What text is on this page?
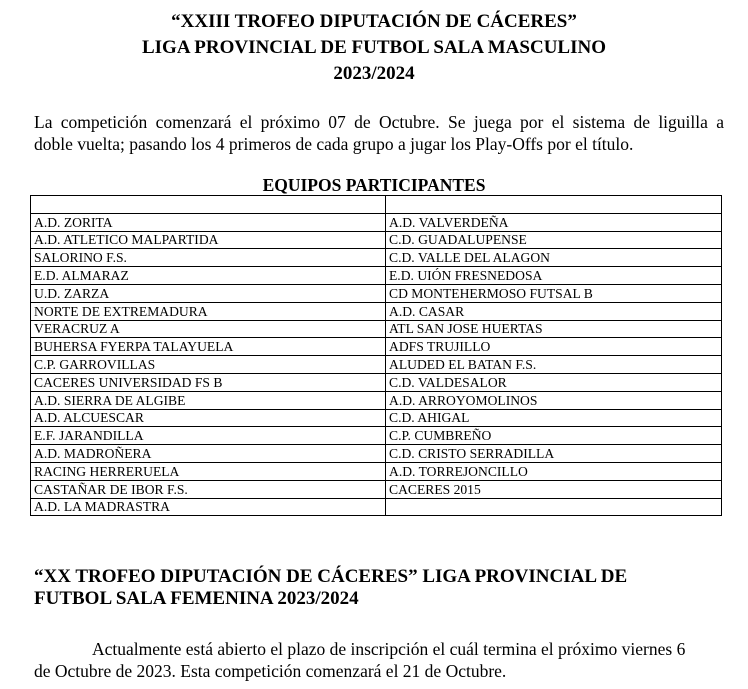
“XXIII TROFEO DIPUTACIÓN DE CÁCERES”
LIGA PROVINCIAL DE FUTBOL SALA MASCULINO
2023/2024

La competición comenzará el próximo 07 de Octubre. Se juega por el sistema de liguilla a
doble vuelta; pasando los 4 primeros de cada grupo a jugar los Play-Offs por el título.

EQUIPOS PARTICIPANTES

A.D. ZORITA	A.D. VALVERDEÑA
A.D. ATLETICO MALPARTIDA	C.D. GUADALUPENSE
SALORINO F.S.	C.D. VALLE DEL ALAGON
E.D. ALMARAZ	E.D. UIÓN FRESNEDOSA
U.D. ZARZA	CD MONTEHERMOSO FUTSAL B
NORTE DE EXTREMADURA	A.D. CASAR
VERACRUZ A	ATL SAN JOSE HUERTAS
BUHERSA FYERPA TALAYUELA	ADFS TRUJILLO
C.P. GARROVILLAS	ALUDED EL BATAN F.S.
CACERES UNIVERSIDAD FS B	C.D. VALDESALOR
A.D. SIERRA DE ALGIBE	A.D. ARROYOMOLINOS
A.D. ALCUESCAR	C.D. AHIGAL
E.F. JARANDILLA	C.P. CUMBREÑO
A.D. MADROÑERA	C.D. CRISTO SERRADILLA
RACING HERRERUELA	A.D. TORREJONCILLO
CASTAÑAR DE IBOR F.S.	CACERES 2015
A.D. LA MADRASTRA	
“XX TROFEO DIPUTACIÓN DE CÁCERES” LIGA PROVINCIAL DE
FUTBOL SALA FEMENINA 2023/2024

Actualmente está abierto el plazo de inscripción el cuál termina el próximo viernes 6
de Octubre de 2023. Esta competición comenzará el 21 de Octubre.
